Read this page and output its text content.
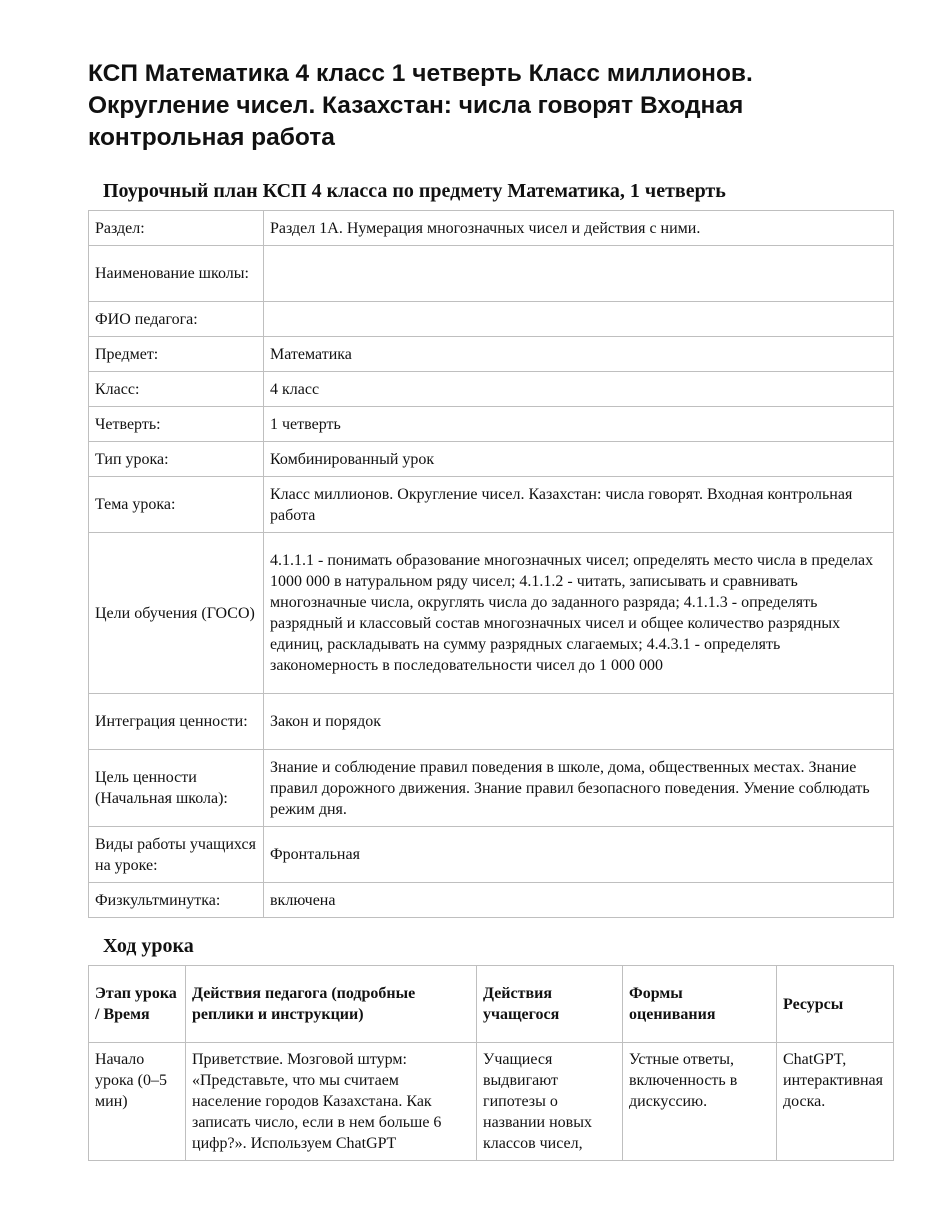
КСП Математика 4 класс 1 четверть Класс миллионов. Округление чисел. Казахстан: числа говорят Входная контрольная работа
Поурочный план КСП 4 класса по предмету Математика, 1 четверть
Раздел:	Раздел 1А. Нумерация многозначных чисел и действия с ними.
Наименование школы:	
ФИО педагога:	
Предмет:	Математика
Класс:	4 класс
Четверть:	1 четверть
Тип урока:	Комбинированный урок
Тема урока:	Класс миллионов. Округление чисел. Казахстан: числа говорят. Входная контрольная работа
Цели обучения (ГОСО)	4.1.1.1 - понимать образование многозначных чисел; определять место числа в пределах 1000 000 в натуральном ряду чисел; 4.1.1.2 - читать, записывать и сравнивать многозначные числа, округлять числа до заданного разряда; 4.1.1.3 - определять разрядный и классовый состав многозначных чисел и общее количество разрядных единиц, раскладывать на сумму разрядных слагаемых; 4.4.3.1 - определять закономерность в последовательности чисел до 1 000 000
Интеграция ценности:	Закон и порядок
Цель ценности (Начальная школа):	Знание и соблюдение правил поведения в школе, дома, общественных местах. Знание правил дорожного движения. Знание правил безопасного поведения. Умение соблюдать режим дня.
Виды работы учащихся на уроке:	Фронтальная
Физкультминутка:	включена
Ход урока
Этап урока / Время	Действия педагога (подробные реплики и инструкции)	Действия учащегося	Формы оценивания	Ресурсы
Начало урока (0–5 мин)	Приветствие. Мозговой штурм: «Представьте, что мы считаем население городов Казахстана. Как записать число, если в нем больше 6 цифр?». Используем ChatGPT	Учащиеся выдвигают гипотезы о названии новых классов чисел,	Устные ответы, включенность в дискуссию.	ChatGPT, интерактивная доска.
